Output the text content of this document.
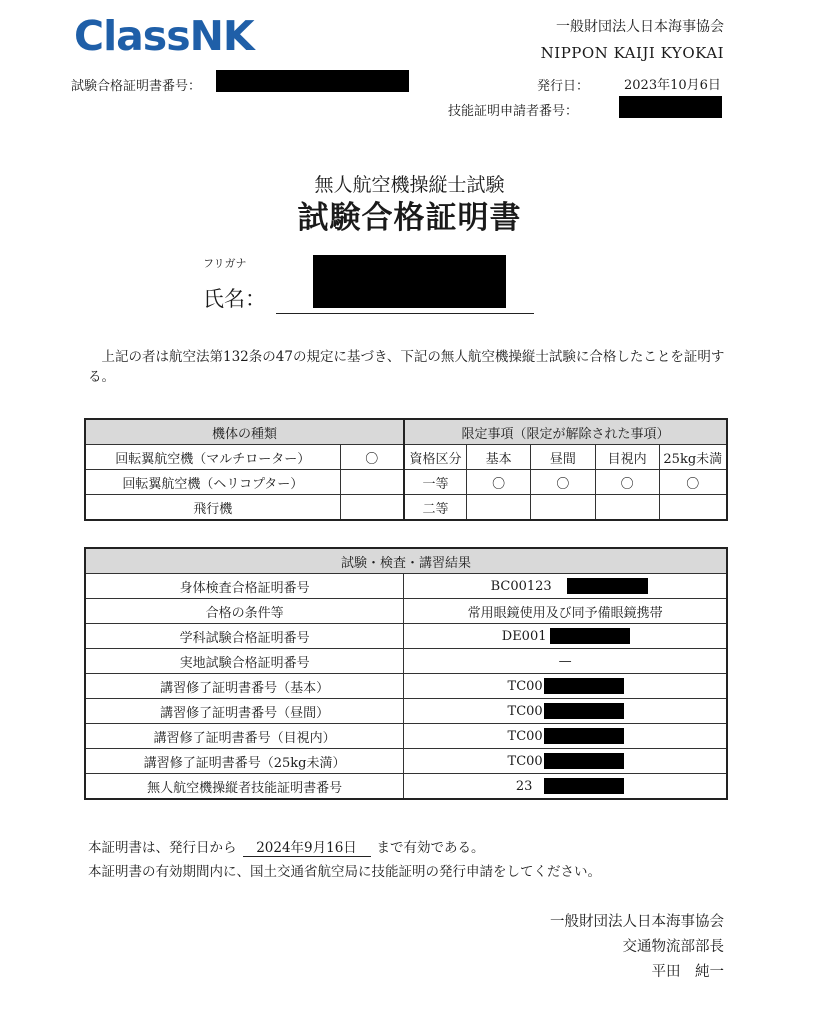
ClassNK	一般財団法人日本海事協会
NIPPON KAIJI KYOKAI
試験合格証明書番号：	発行日：	2023年10月6日
技能証明申請者番号：
無人航空機操縦士試験
試験合格証明書
フリガナ
氏名：
上記の者は航空法第132条の47の規定に基づき、下記の無人航空機操縦士試験に合格したことを証明する。
機体の種類		限定事項（限定が解除された事項）				
回転翼航空機（マルチローター）	〇	資格区分	基本	昼間	目視内	25kg未満
回転翼航空機（ヘリコプター）		一等	〇	〇	〇	〇
飛行機		二等				
試験・検査・講習結果	
身体検査合格証明番号	BC00123

合格の条件等	常用眼鏡使用及び同予備眼鏡携帯
学科試験合格証明番号	DE001

実地試験合格証明番号	—
講習修了証明書番号（基本）	TC00

講習修了証明書番号（昼間）	TC00

講習修了証明書番号（目視内）	TC00

講習修了証明書番号（25kg未満）	TC00

無人航空機操縦者技能証明書番号	23
本証明書は、発行日から 2024年9月16日 まで有効である。
本証明書の有効期間内に、国土交通省航空局に技能証明の発行申請をしてください。
一般財団法人日本海事協会
交通物流部部長
平田　純一
